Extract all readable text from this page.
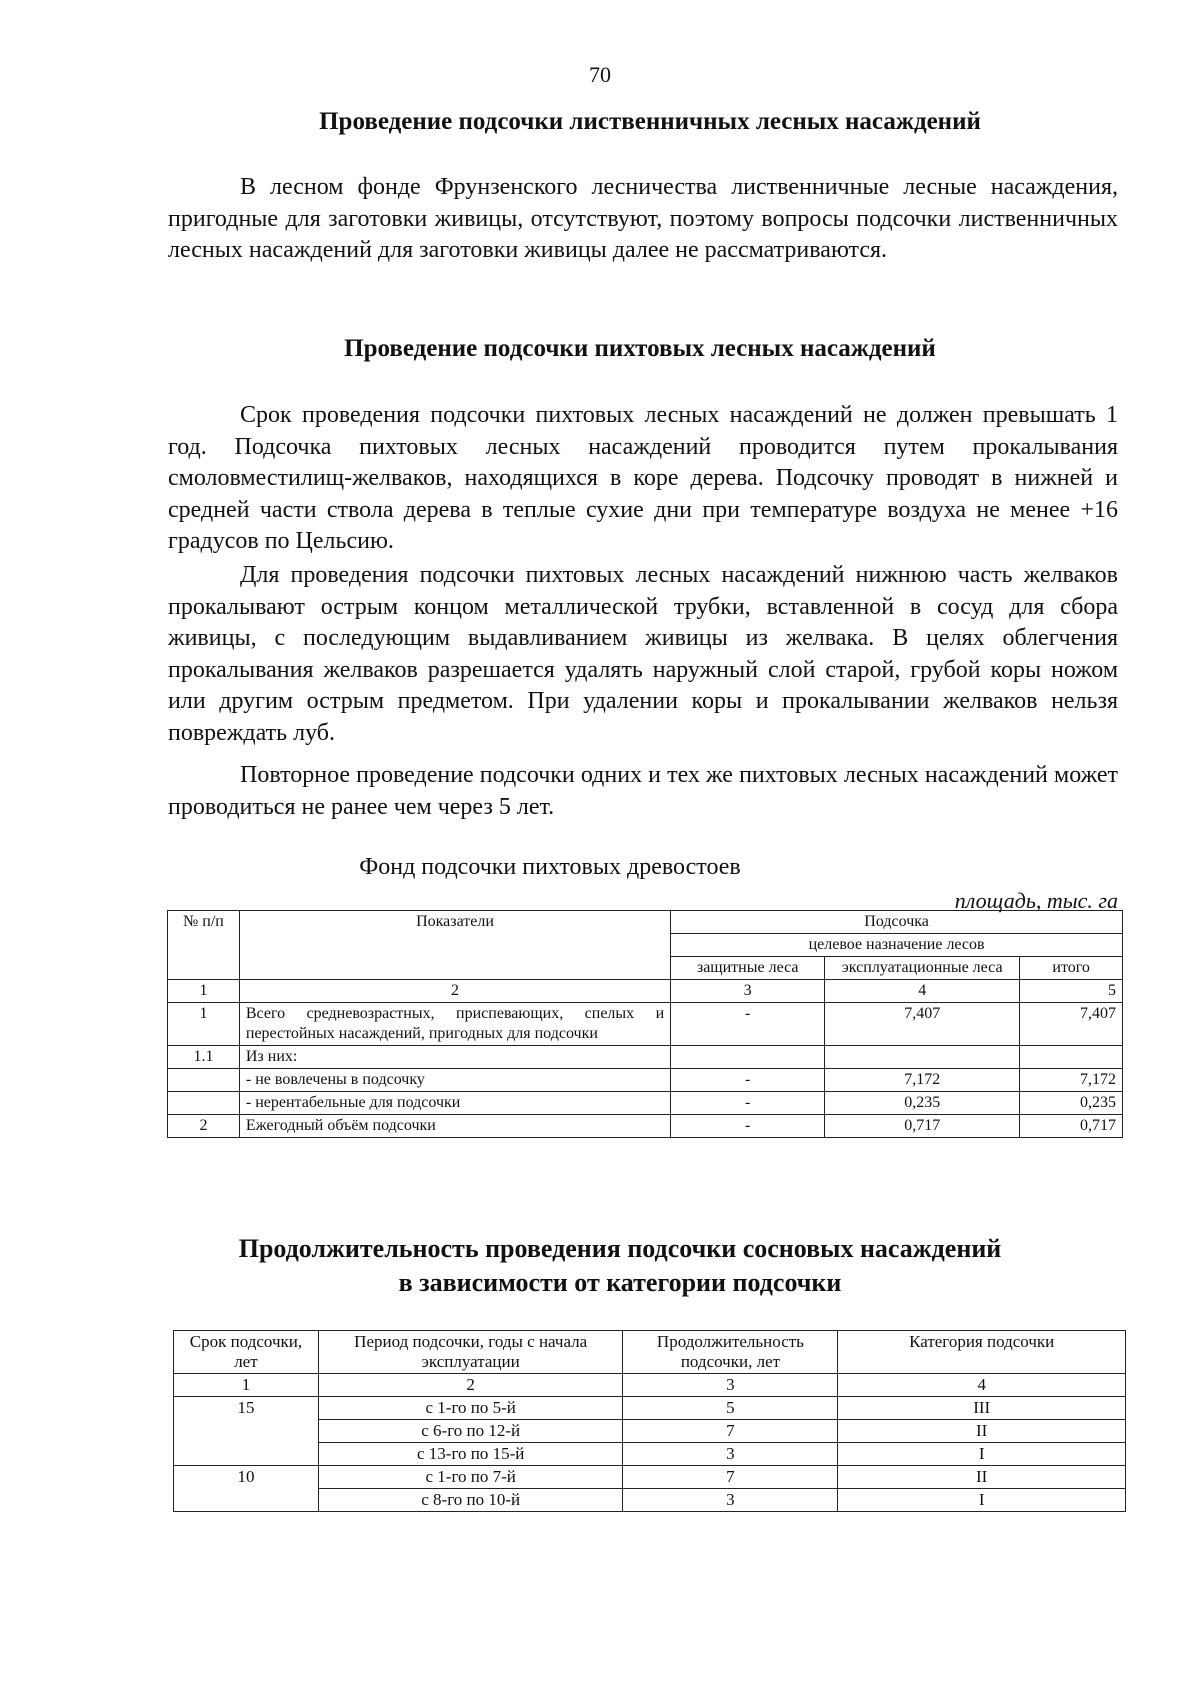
70
Проведение подсочки лиственничных лесных насаждений

В лесном фонде Фрунзенского лесничества лиственничные лесные насаждения, пригодные для заготовки живицы, отсутствуют, поэтому вопросы подсочки лиственничных лесных насаждений для заготовки живицы далее не рассматриваются.

Проведение подсочки пихтовых лесных насаждений

Срок проведения подсочки пихтовых лесных насаждений не должен превышать 1 год. Подсочка пихтовых лесных насаждений проводится путем прокалывания смоловместилищ-желваков, находящихся в коре дерева. Подсочку проводят в нижней и средней части ствола дерева в теплые сухие дни при температуре воздуха не менее +16 градусов по Цельсию.

Для проведения подсочки пихтовых лесных насаждений нижнюю часть желваков прокалывают острым концом металлической трубки, вставленной в сосуд для сбора живицы, с последующим выдавливанием живицы из желвака. В целях облегчения прокалывания желваков разрешается удалять наружный слой старой, грубой коры ножом или другим острым предметом. При удалении коры и прокалывании желваков нельзя повреждать луб.

Повторное проведение подсочки одних и тех же пихтовых лесных насаждений может проводиться не ранее чем через 5 лет.

Фонд подсочки пихтовых древостоев
площадь, тыс. га
№ п/п	Показатели	Подсочка		
		целевое назначение лесов		
		защитные леса	эксплуатационные леса	итого
1	2	3	4	5
1	Всего средневозрастных, приспевающих, спелых и перестойных насаждений, пригодных для подсочки	-	7,407	7,407
1.1	Из них:			
	- не вовлечены в подсочку	-	7,172	7,172
	- нерентабельные для подсочки	-	0,235	0,235
2	Ежегодный объём подсочки	-	0,717	0,717
Продолжительность проведения подсочки сосновых насаждений
в зависимости от категории подсочки
Срок подсочки, лет	Период подсочки, годы с начала эксплуатации	Продолжительность подсочки, лет	Категория подсочки
1	2	3	4
15	с 1-го по 5-й	5	III
	с 6-го по 12-й	7	II
	с 13-го по 15-й	3	I
10	с 1-го по 7-й	7	II
	с 8-го по 10-й	3	I
